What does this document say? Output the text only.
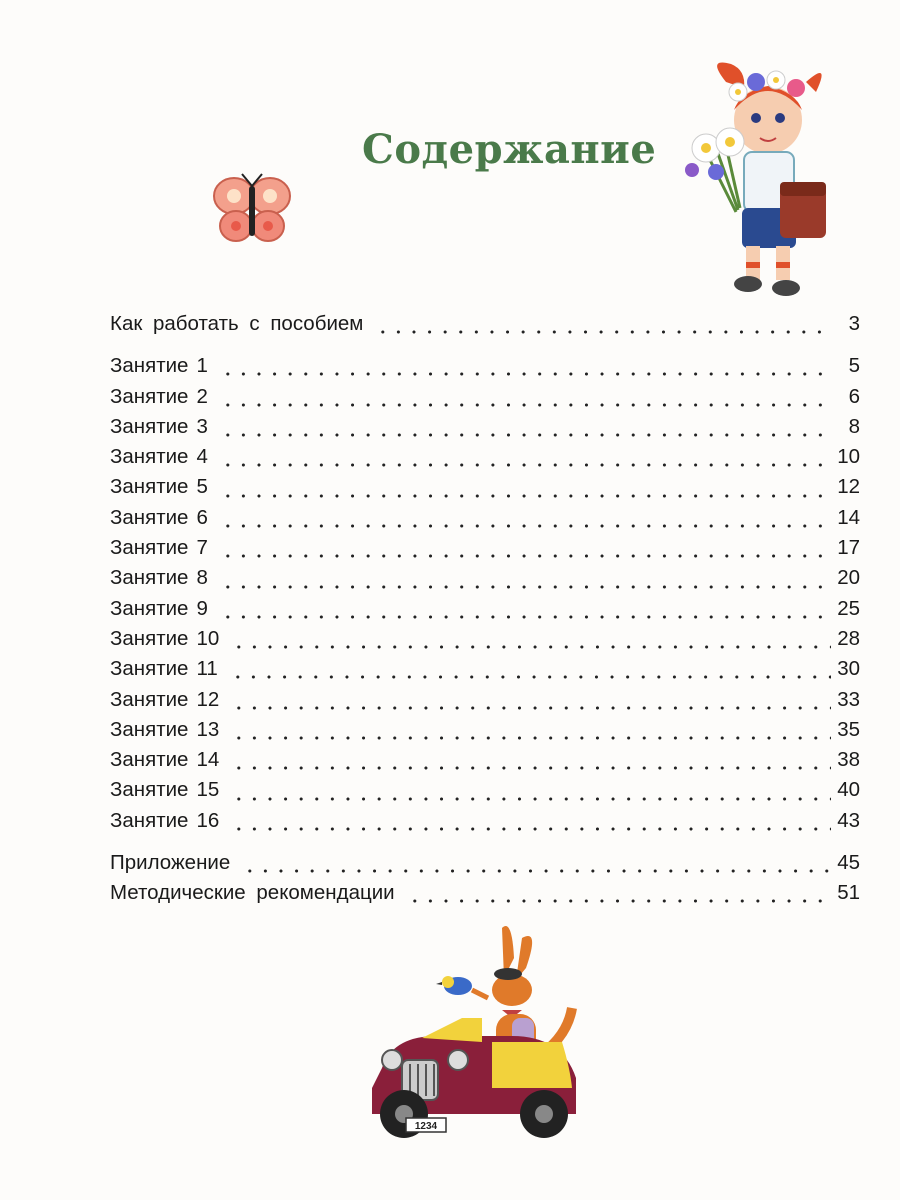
Содержание
Как работать с пособием	3
Занятие 1	5
Занятие 2	6
Занятие 3	8
Занятие 4	10
Занятие 5	12
Занятие 6	14
Занятие 7	17
Занятие 8	20
Занятие 9	25
Занятие 10	28
Занятие 11	30
Занятие 12	33
Занятие 13	35
Занятие 14	38
Занятие 15	40
Занятие 16	43
Приложение	45
Методические рекомендации	51
1234
